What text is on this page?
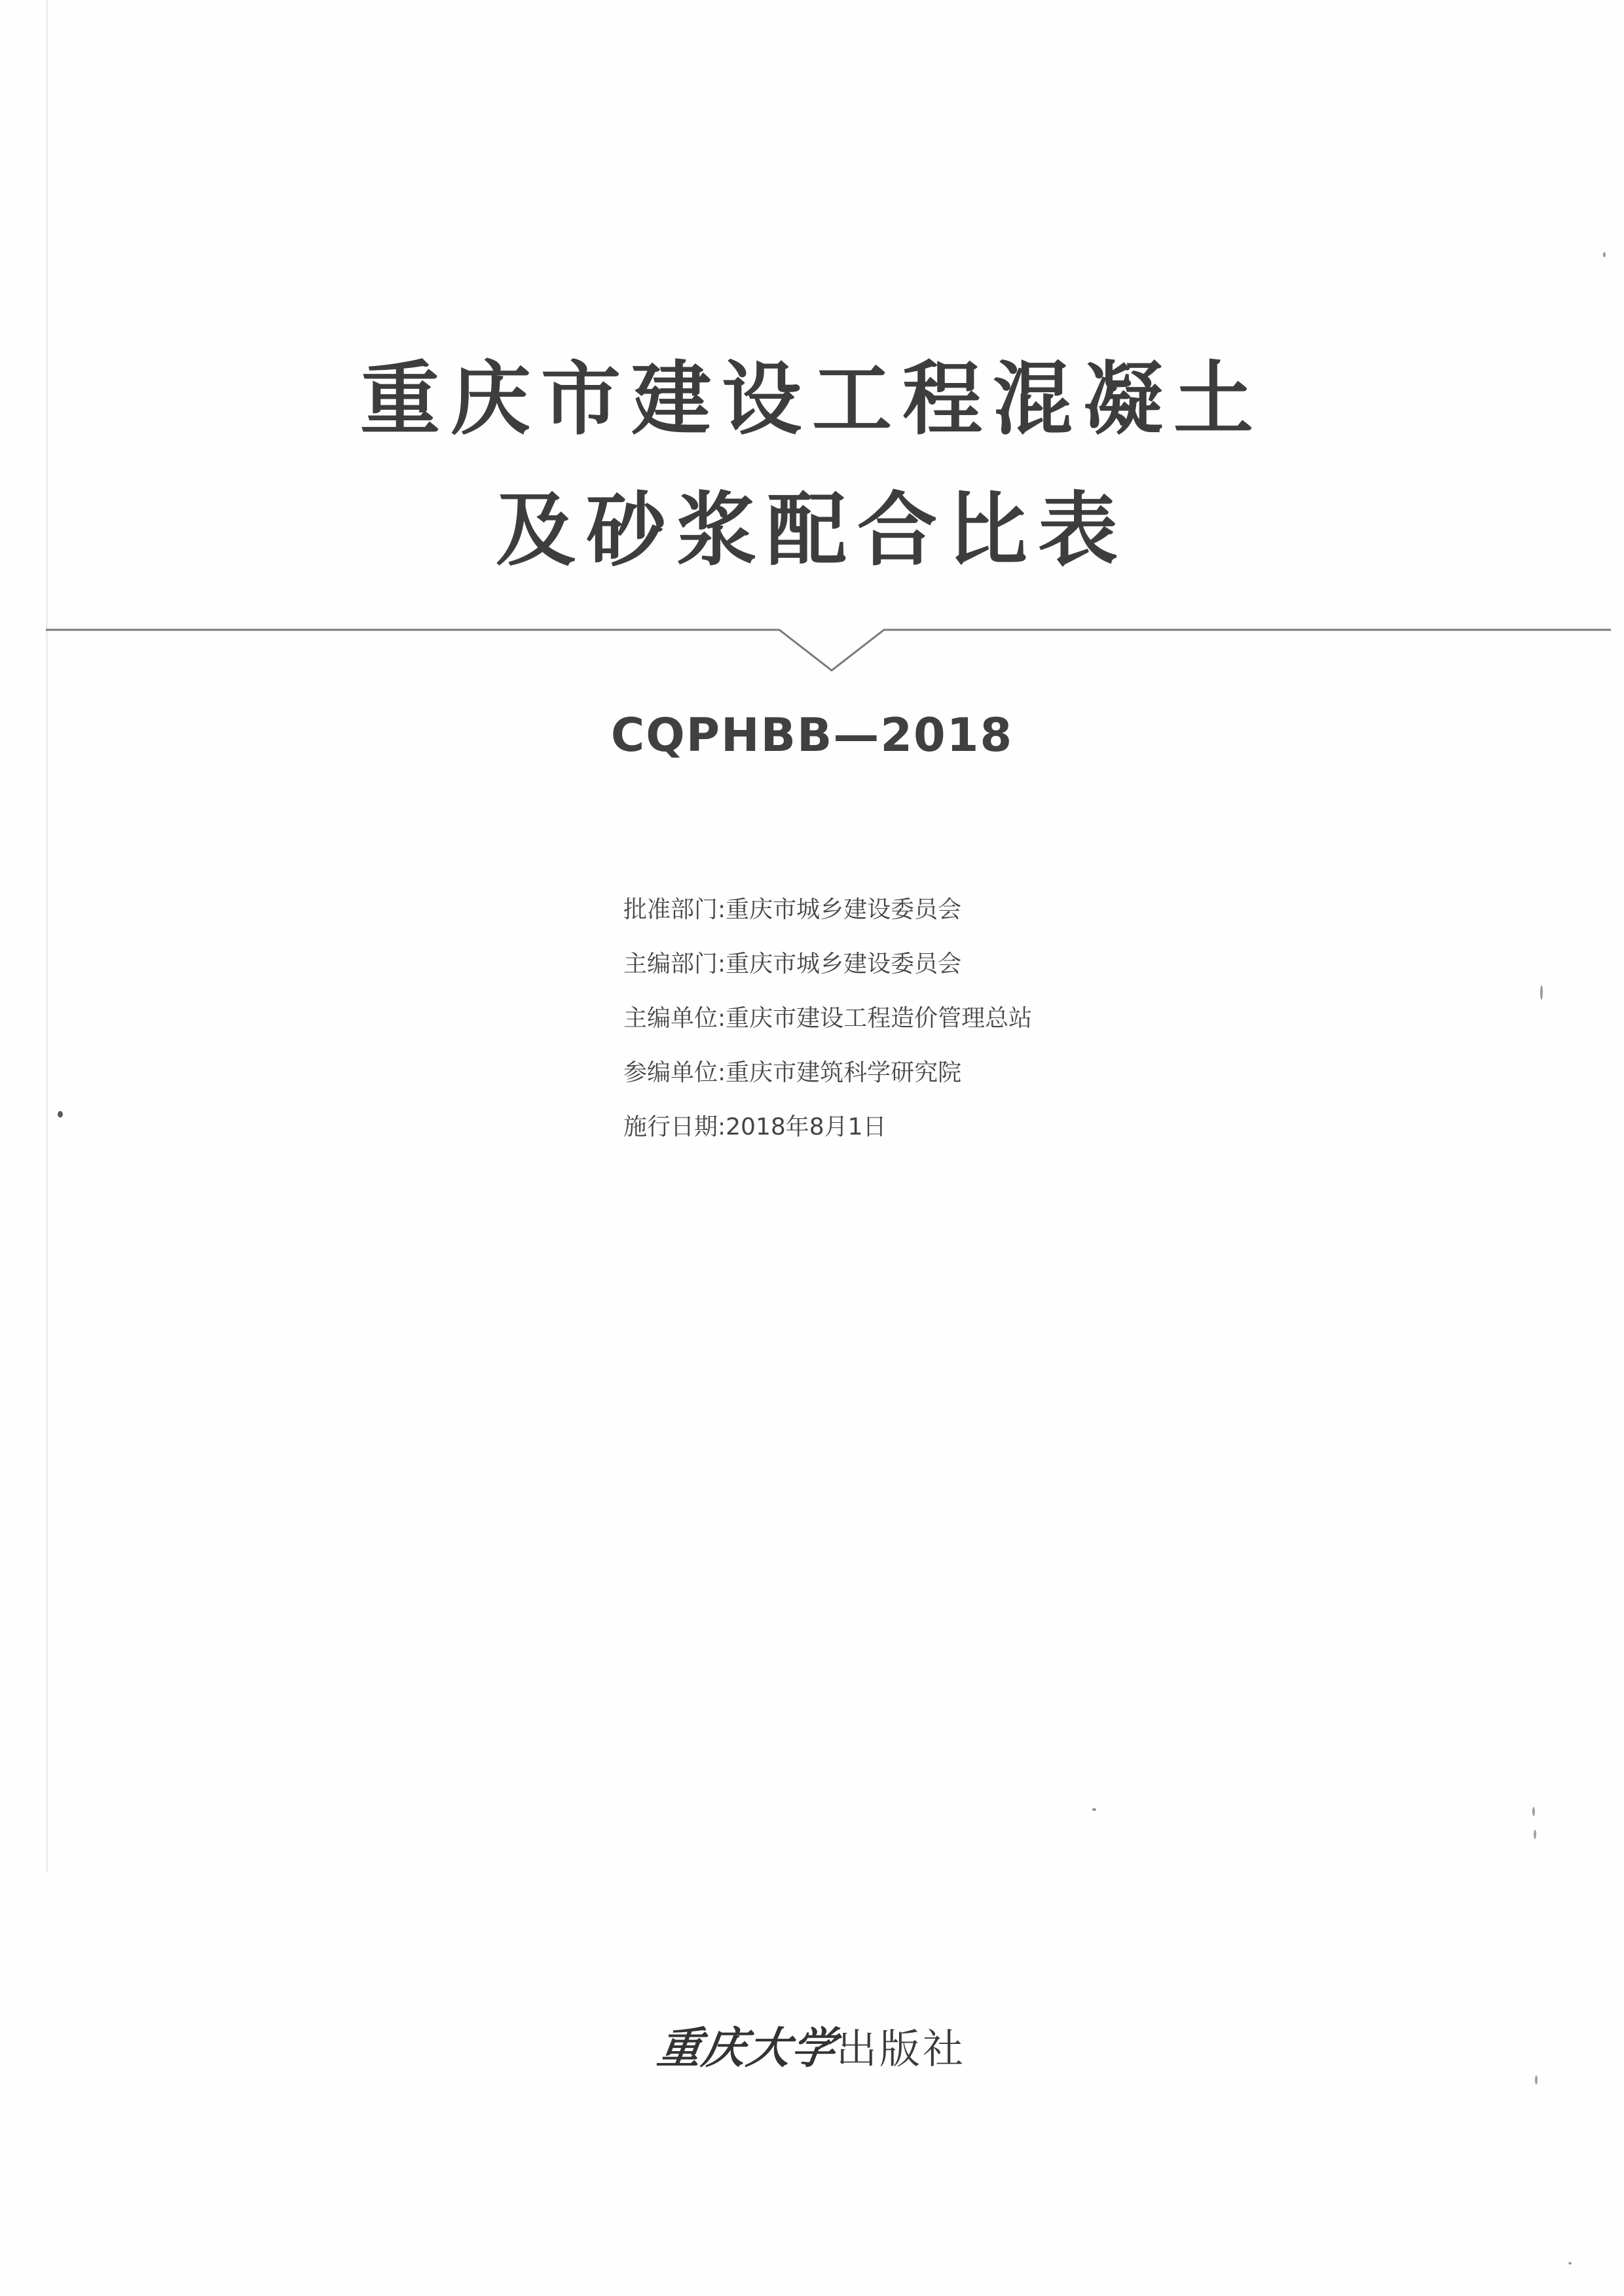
重庆市建设工程混凝土
及砂浆配合比表
CQPHBB—2018
批准部门:重庆市城乡建设委员会
主编部门:重庆市城乡建设委员会
主编单位:重庆市建设工程造价管理总站
参编单位:重庆市建筑科学研究院
施行日期:2018年8月1日
重庆大学出版社
